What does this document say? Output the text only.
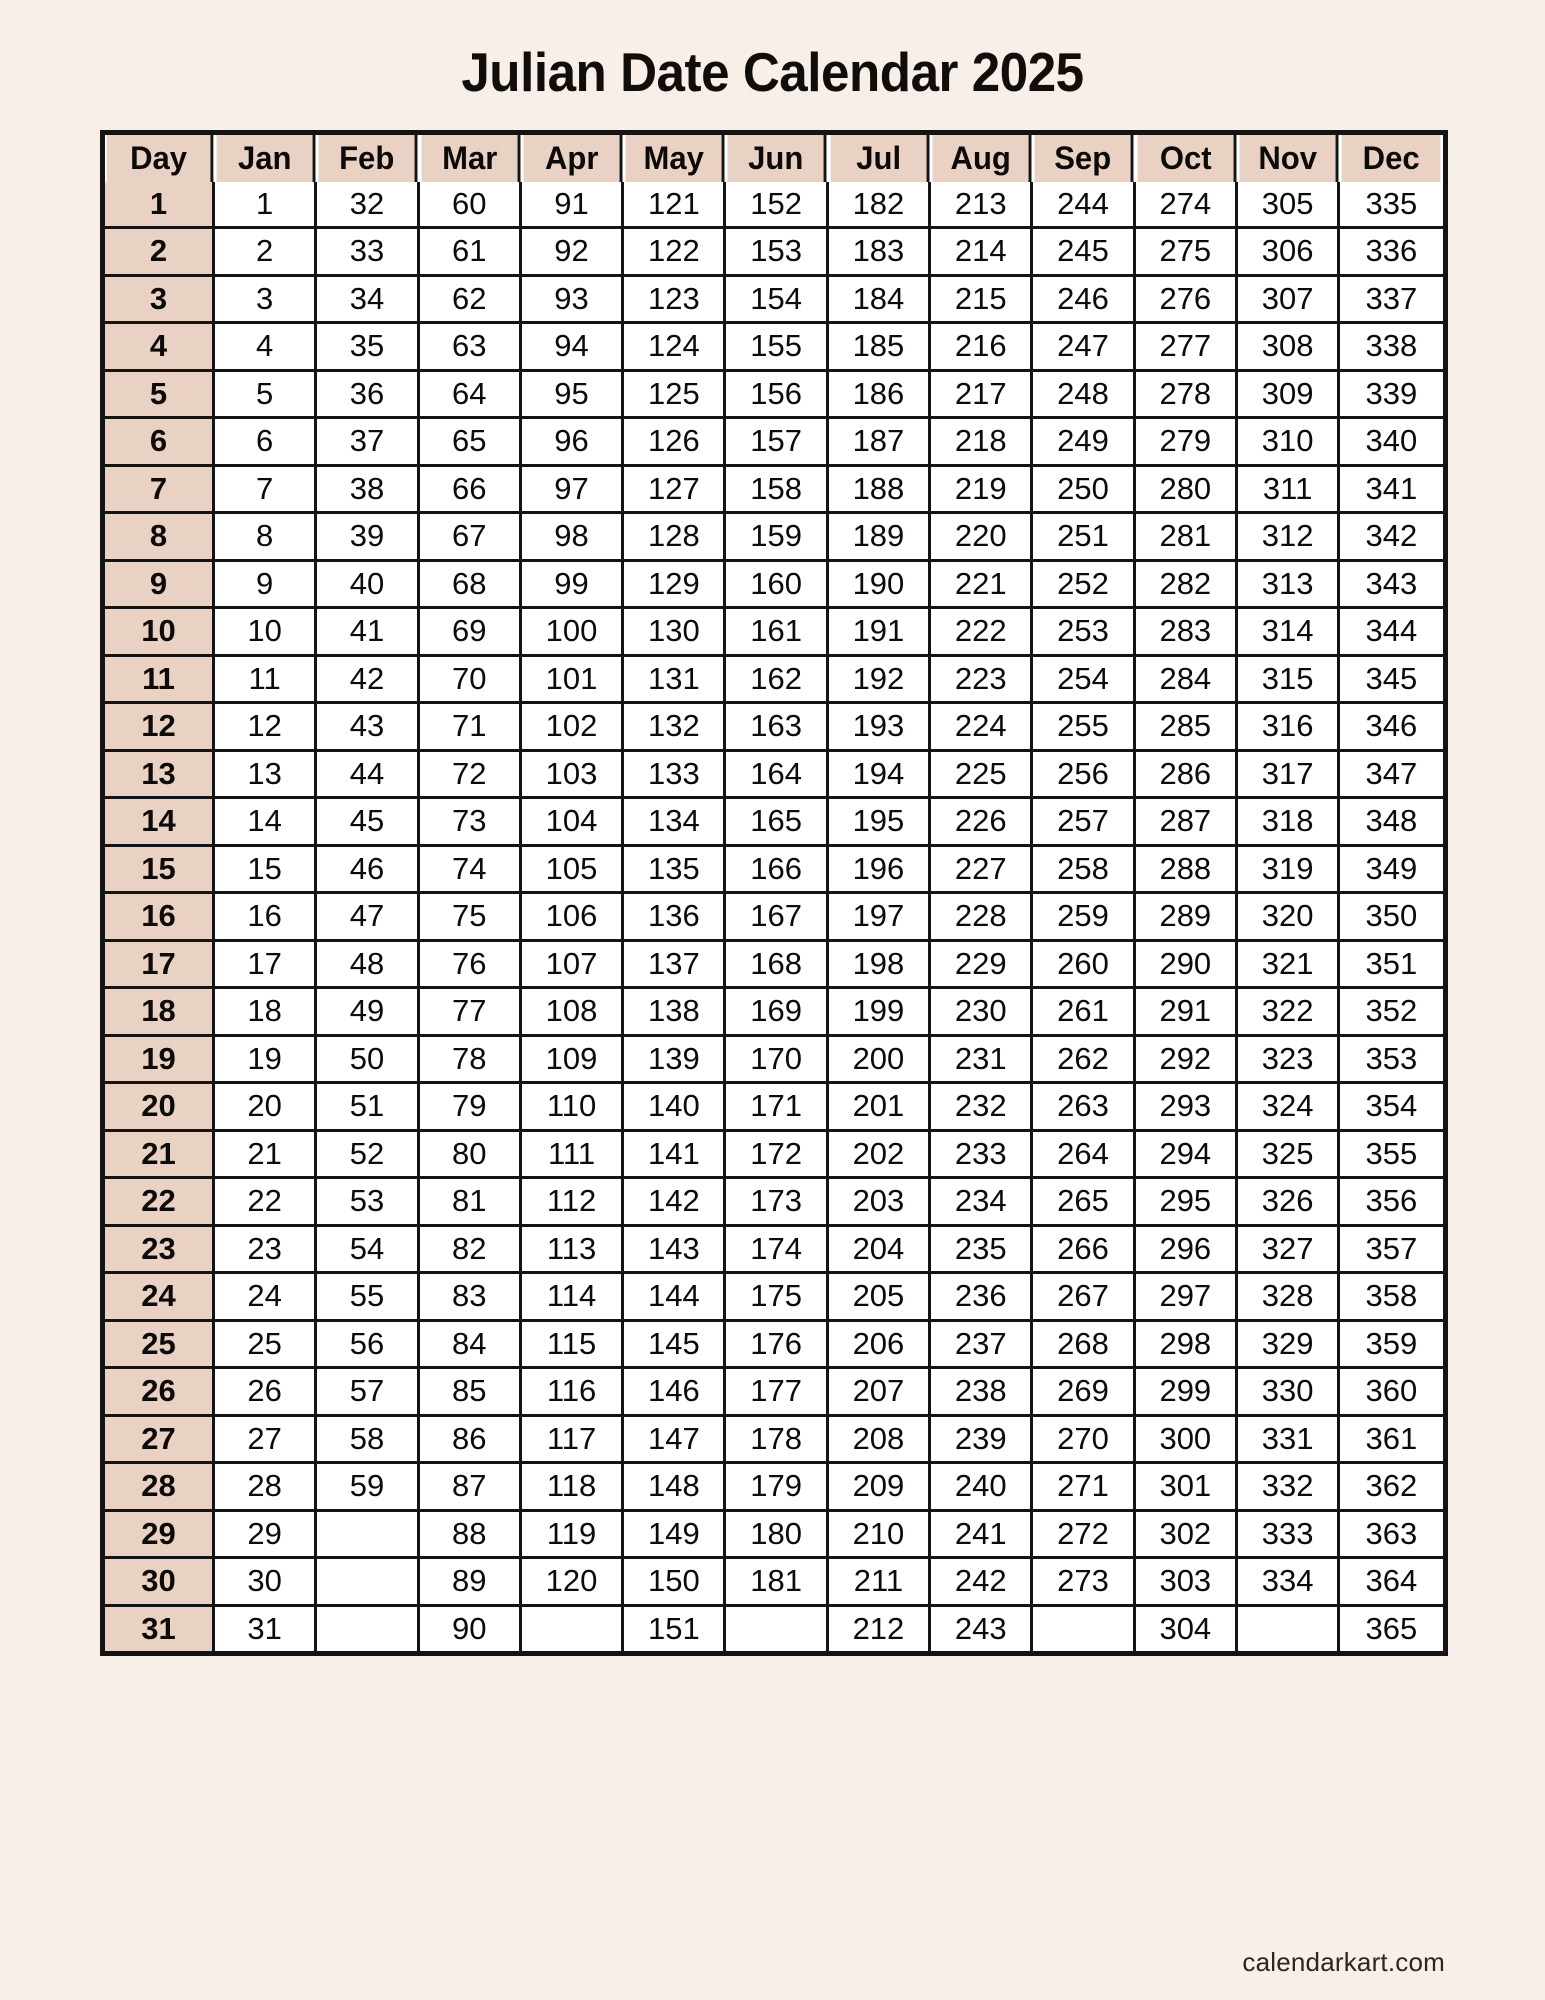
Julian Date Calendar 2025
Day	Jan	Feb	Mar	Apr	May	Jun	Jul	Aug	Sep	Oct	Nov	Dec
1	1	32	60	91	121	152	182	213	244	274	305	335
2	2	33	61	92	122	153	183	214	245	275	306	336
3	3	34	62	93	123	154	184	215	246	276	307	337
4	4	35	63	94	124	155	185	216	247	277	308	338
5	5	36	64	95	125	156	186	217	248	278	309	339
6	6	37	65	96	126	157	187	218	249	279	310	340
7	7	38	66	97	127	158	188	219	250	280	311	341
8	8	39	67	98	128	159	189	220	251	281	312	342
9	9	40	68	99	129	160	190	221	252	282	313	343
10	10	41	69	100	130	161	191	222	253	283	314	344
11	11	42	70	101	131	162	192	223	254	284	315	345
12	12	43	71	102	132	163	193	224	255	285	316	346
13	13	44	72	103	133	164	194	225	256	286	317	347
14	14	45	73	104	134	165	195	226	257	287	318	348
15	15	46	74	105	135	166	196	227	258	288	319	349
16	16	47	75	106	136	167	197	228	259	289	320	350
17	17	48	76	107	137	168	198	229	260	290	321	351
18	18	49	77	108	138	169	199	230	261	291	322	352
19	19	50	78	109	139	170	200	231	262	292	323	353
20	20	51	79	110	140	171	201	232	263	293	324	354
21	21	52	80	111	141	172	202	233	264	294	325	355
22	22	53	81	112	142	173	203	234	265	295	326	356
23	23	54	82	113	143	174	204	235	266	296	327	357
24	24	55	83	114	144	175	205	236	267	297	328	358
25	25	56	84	115	145	176	206	237	268	298	329	359
26	26	57	85	116	146	177	207	238	269	299	330	360
27	27	58	86	117	147	178	208	239	270	300	331	361
28	28	59	87	118	148	179	209	240	271	301	332	362
29	29		88	119	149	180	210	241	272	302	333	363
30	30		89	120	150	181	211	242	273	303	334	364
31	31		90		151		212	243		304		365
calendarkart.com
